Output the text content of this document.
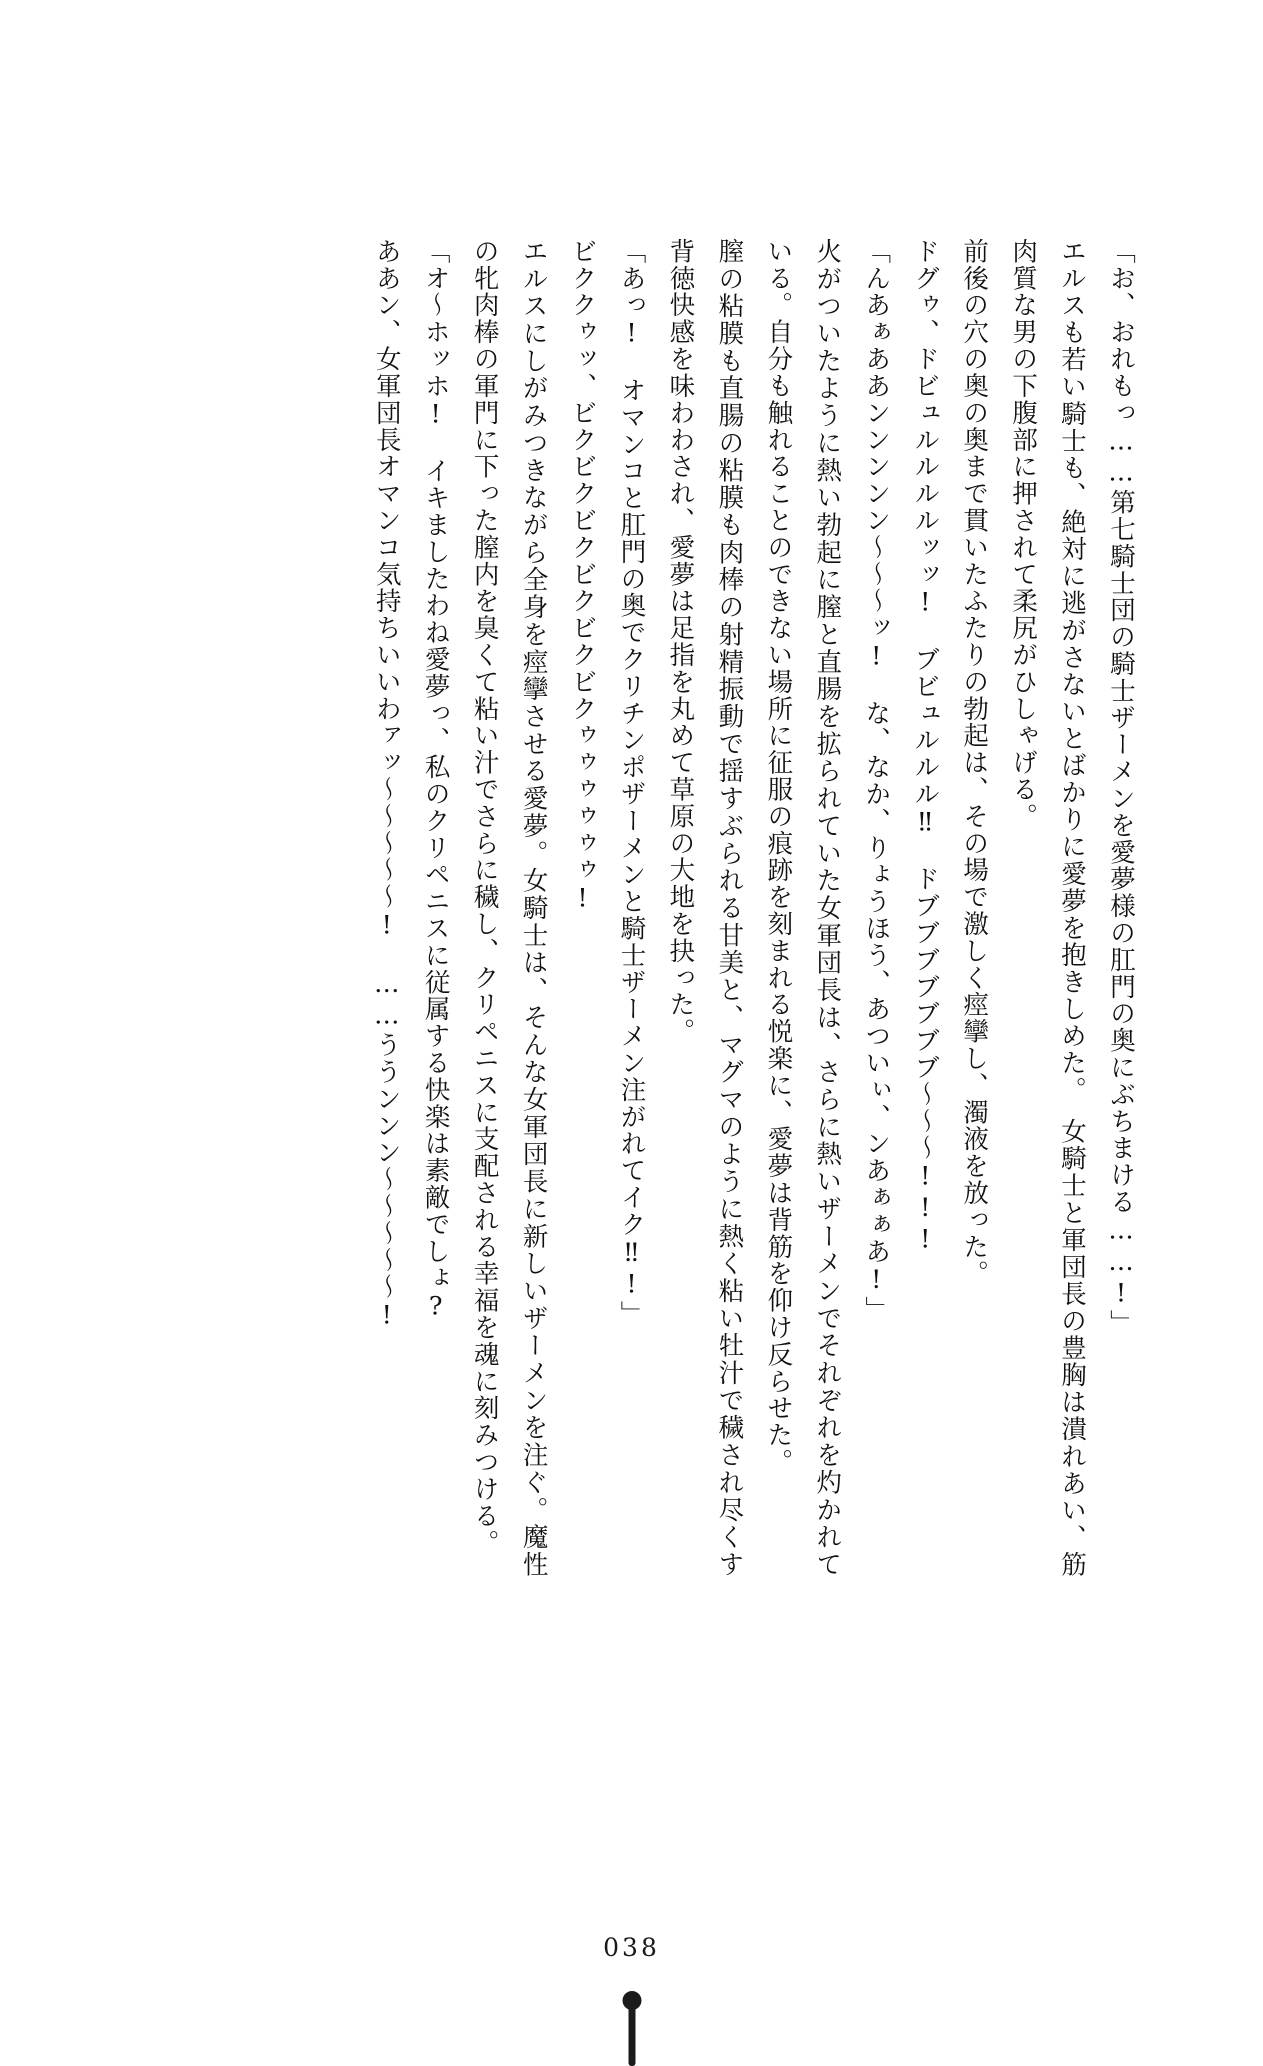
「お、おれもっ……第七騎士団の騎士ザーメンを愛夢様の肛門の奥にぶちまける……!」

エルスも若い騎士も、絶対に逃がさないとばかりに愛夢を抱きしめた。　女騎士と軍団長の豊胸は潰れあい、筋肉質な男の下腹部に押されて柔尻がひしゃげる。

前後の穴の奥の奥まで貫いたふたりの勃起は、その場で激しく痙攣し、濁液を放った。

ドグゥ、ドビュルルルルッッ!　ブビュルルル‼　ドブブブブブブブ～～～!!!

「んあぁああンンンンン～～～ッ!　な、なか、りょうほう、あついぃ、ンあぁぁあ!」

火がついたように熱い勃起に膣と直腸を拡られていた女軍団長は、さらに熱いザーメンでそれぞれを灼かれている。自分も触れることのできない場所に征服の痕跡を刻まれる悦楽に、愛夢は背筋を仰け反らせた。

膣の粘膜も直腸の粘膜も肉棒の射精振動で揺すぶられる甘美と、マグマのように熱く粘い牡汁で穢され尽くす背徳快感を味わわされ、愛夢は足指を丸めて草原の大地を抉った。

「あっ!　オマンコと肛門の奥でクリチンポザーメンと騎士ザーメン注がれてイク‼!」

ビククゥッ、ビクビクビクビクビクビクゥゥゥゥゥゥ!

エルスにしがみつきながら全身を痙攣させる愛夢。女騎士は、そんな女軍団長に新しいザーメンを注ぐ。魔性の牝肉棒の軍門に下った膣内を臭くて粘い汁でさらに穢し、クリペニスに支配される幸福を魂に刻みつける。

「オ～ホッホ!　イキましたわね愛夢っ、私のクリペニスに従属する快楽は素敵でしょ?

ああン、女軍団長オマンコ気持ちいいわァッ～～～～～!　……ううンンン～～～～～!

038
